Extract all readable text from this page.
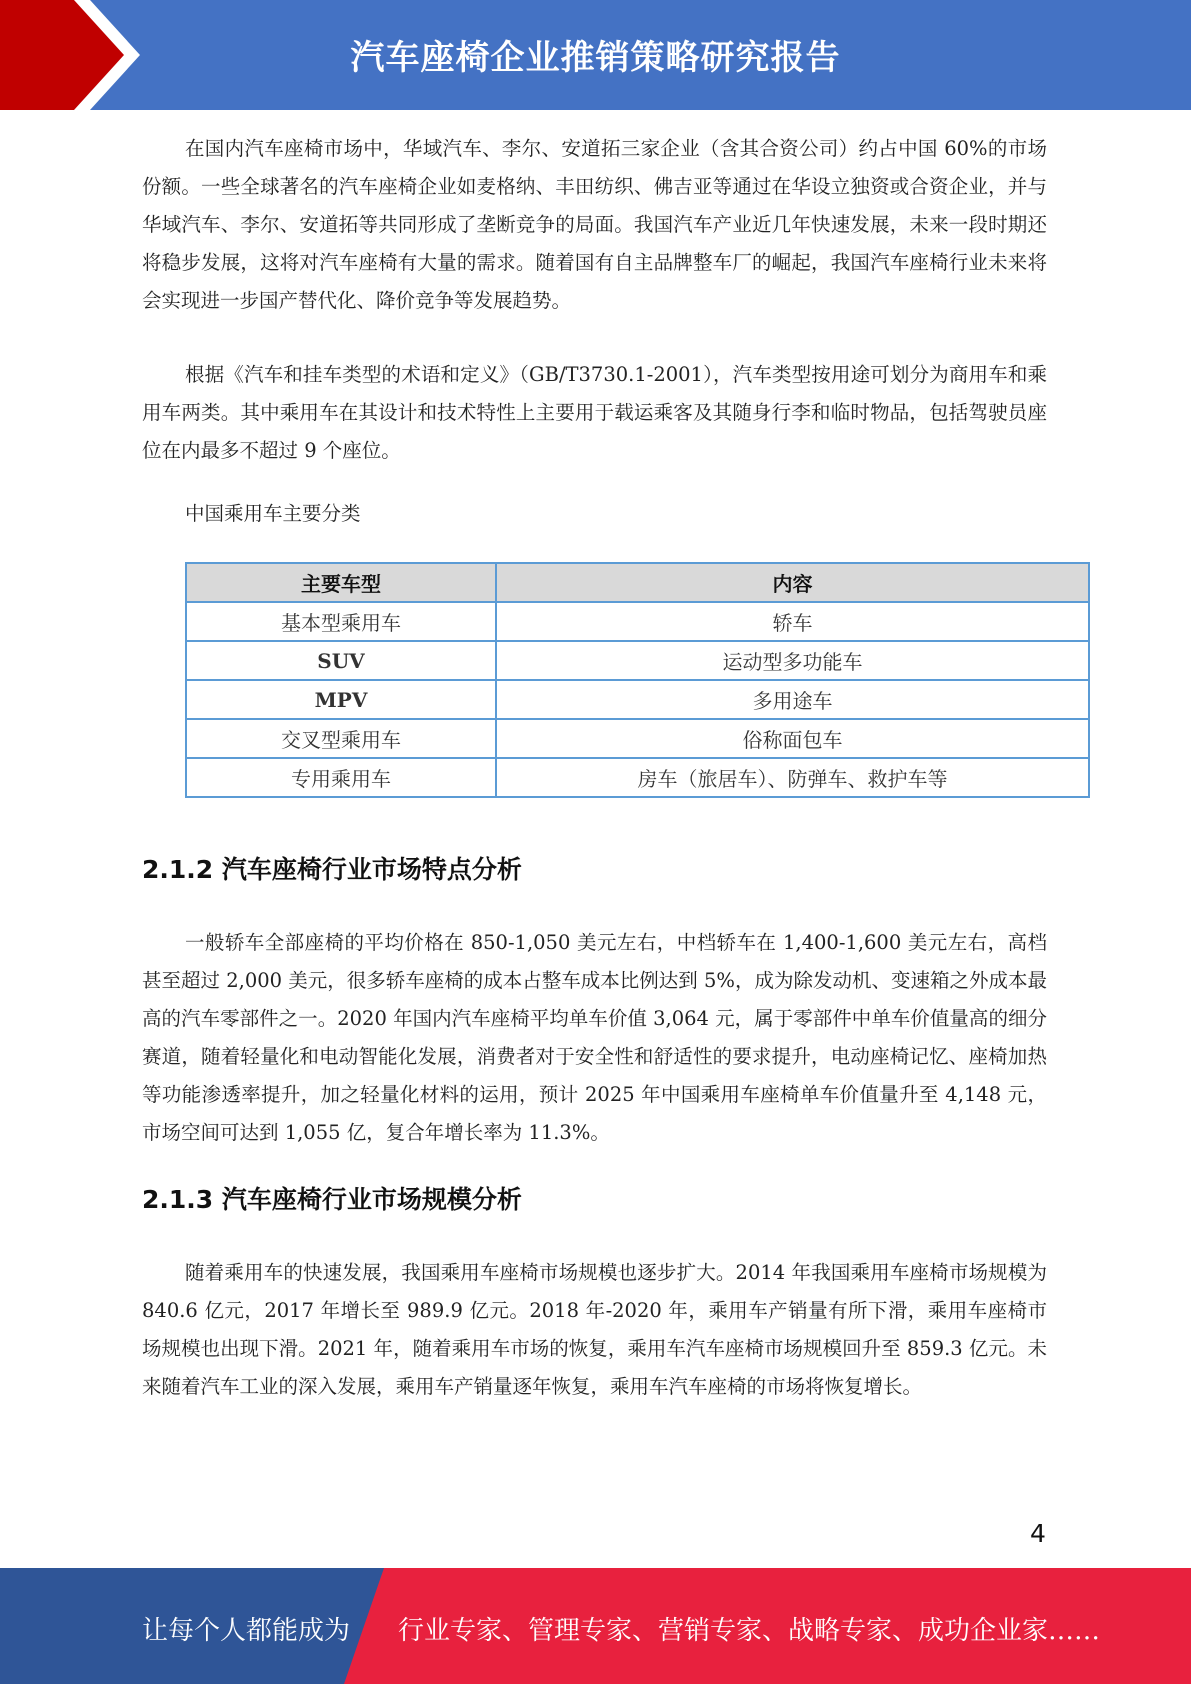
汽车座椅企业推销策略研究报告

在国内汽车座椅市场中，华域汽车、李尔、安道拓三家企业（含其合资公司）约占中国 60%的市场份额。一些全球著名的汽车座椅企业如麦格纳、丰田纺织、佛吉亚等通过在华设立独资或合资企业，并与华域汽车、李尔、安道拓等共同形成了垄断竞争的局面。我国汽车产业近几年快速发展，未来一段时期还将稳步发展，这将对汽车座椅有大量的需求。随着国有自主品牌整车厂的崛起，我国汽车座椅行业未来将会实现进一步国产替代化、降价竞争等发展趋势。

根据《汽车和挂车类型的术语和定义》（GB/T3730.1-2001），汽车类型按用途可划分为商用车和乘用车两类。其中乘用车在其设计和技术特性上主要用于载运乘客及其随身行李和临时物品，包括驾驶员座位在内最多不超过 9 个座位。

中国乘用车主要分类
主要车型	内容
基本型乘用车	轿车
SUV	运动型多功能车
MPV	多用途车
交叉型乘用车	俗称面包车
专用乘用车	房车（旅居车）、防弹车、救护车等
2.1.2 汽车座椅行业市场特点分析

一般轿车全部座椅的平均价格在 850-1,050 美元左右，中档轿车在 1,400-1,600 美元左右，高档甚至超过 2,000 美元，很多轿车座椅的成本占整车成本比例达到 5%，成为除发动机、变速箱之外成本最高的汽车零部件之一。2020 年国内汽车座椅平均单车价值 3,064 元，属于零部件中单车价值量高的细分赛道，随着轻量化和电动智能化发展，消费者对于安全性和舒适性的要求提升，电动座椅记忆、座椅加热等功能渗透率提升，加之轻量化材料的运用，预计 2025 年中国乘用车座椅单车价值量升至 4,148 元，市场空间可达到 1,055 亿，复合年增长率为 11.3%。

2.1.3 汽车座椅行业市场规模分析

随着乘用车的快速发展，我国乘用车座椅市场规模也逐步扩大。2014 年我国乘用车座椅市场规模为 840.6 亿元，2017 年增长至 989.9 亿元。2018 年-2020 年，乘用车产销量有所下滑，乘用车座椅市场规模也出现下滑。2021 年，随着乘用车市场的恢复，乘用车汽车座椅市场规模回升至 859.3 亿元。未来随着汽车工业的深入发展，乘用车产销量逐年恢复，乘用车汽车座椅的市场将恢复增长。

4
让每个人都能成为 行业专家、管理专家、营销专家、战略专家、成功企业家……
